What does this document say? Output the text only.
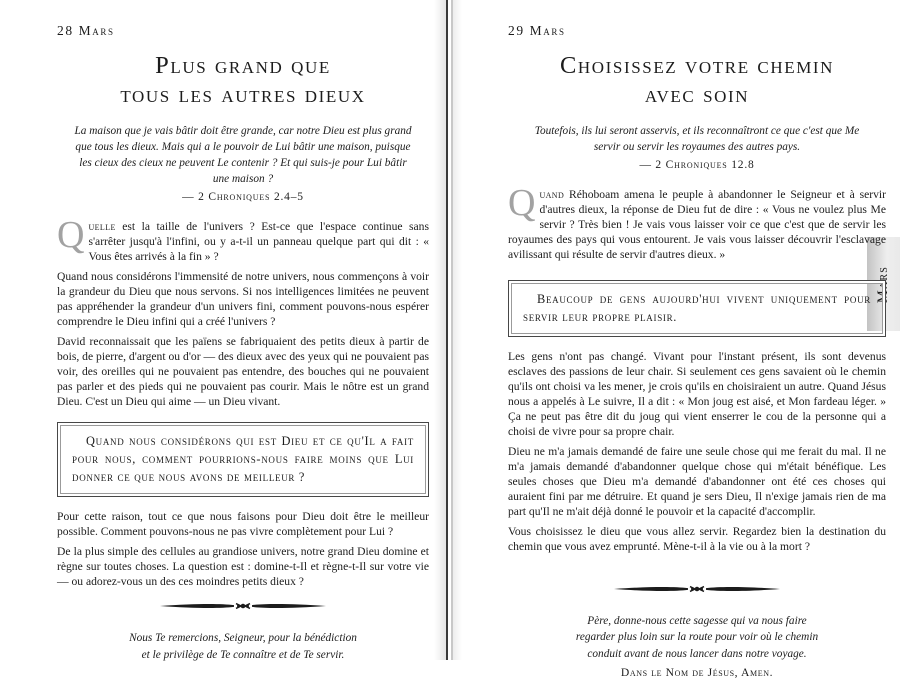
Mars
28 Mars
Plus grand que
tous les autres dieux
La maison que je vais bâtir doit être grande, car notre Dieu est plus grand que tous les dieux. Mais qui a le pouvoir de Lui bâtir une maison, puisque les cieux des cieux ne peuvent Le contenir ? Et qui suis-je pour Lui bâtir une maison ?
— 2 Chroniques 2.4–5

Quelle est la taille de l'univers ? Est-ce que l'espace continue sans s'arrêter jusqu'à l'infini, ou y a-t-il un panneau quelque part qui dit : « Vous êtes arrivés à la fin » ?

Quand nous considérons l'immensité de notre univers, nous commençons à voir la grandeur du Dieu que nous servons. Si nos intelligences limitées ne peuvent pas appréhender la grandeur d'un univers fini, comment pouvons-nous espérer comprendre le Dieu infini qui a créé l'univers ?

David reconnaissait que les païens se fabriquaient des petits dieux à partir de bois, de pierre, d'argent ou d'or — des dieux avec des yeux qui ne pouvaient pas voir, des oreilles qui ne pouvaient pas entendre, des bouches qui ne pouvaient pas parler et des pieds qui ne pouvaient pas courir. Mais le nôtre est un grand Dieu. C'est un Dieu qui aime — un Dieu vivant.

Quand nous considérons qui est Dieu et ce qu'Il a fait pour nous, comment pourrions-nous faire moins que Lui donner ce que nous avons de meilleur ?

Pour cette raison, tout ce que nous faisons pour Dieu doit être le meilleur possible. Comment pouvons-nous ne pas vivre complètement pour Lui ?

De la plus simple des cellules au grandiose univers, notre grand Dieu domine et règne sur toutes choses. La question est : domine-t-Il et règne-t-Il sur votre vie — ou adorez-vous un des ces moindres petits dieux ?

Nous Te remercions, Seigneur, pour la bénédiction
et le privilège de Te connaître et de Te servir.
29 Mars
Choisissez votre chemin
avec soin
Toutefois, ils lui seront asservis, et ils reconnaîtront ce que c'est que Me servir ou servir les royaumes des autres pays.
— 2 Chroniques 12.8

Quand Réhoboam amena le peuple à abandonner le Seigneur et à servir d'autres dieux, la réponse de Dieu fut de dire : « Vous ne voulez plus Me servir ? Très bien ! Je vais vous laisser voir ce que c'est que de servir les royaumes des pays qui vous entourent. Je vais vous laisser découvrir l'esclavage avilissant qui résulte de servir d'autres dieux. »

Beaucoup de gens aujourd'hui vivent uniquement pour servir leur propre plaisir.

Les gens n'ont pas changé. Vivant pour l'instant présent, ils sont devenus esclaves des passions de leur chair. Si seulement ces gens savaient où le chemin qu'ils ont choisi va les mener, je crois qu'ils en choisiraient un autre. Quand Jésus nous a appelés à Le suivre, Il a dit : « Mon joug est aisé, et Mon fardeau léger. » Ça ne peut pas être dit du joug qui vient enserrer le cou de la personne qui a choisi de vivre pour sa propre chair.

Dieu ne m'a jamais demandé de faire une seule chose qui me ferait du mal. Il ne m'a jamais demandé d'abandonner quelque chose qui m'était bénéfique. Les seules choses que Dieu m'a demandé d'abandonner ont été ces choses qui auraient fini par me détruire. Et quand je sers Dieu, Il n'exige jamais rien de ma part qu'Il ne m'ait déjà donné le pouvoir et la capacité d'accomplir.

Vous choisissez le dieu que vous allez servir. Regardez bien la destination du chemin que vous avez emprunté. Mène-t-il à la vie ou à la mort ?

Père, donne-nous cette sagesse qui va nous faire
regarder plus loin sur la route pour voir où le chemin
conduit avant de nous lancer dans notre voyage.
Dans le Nom de Jésus, Amen.
